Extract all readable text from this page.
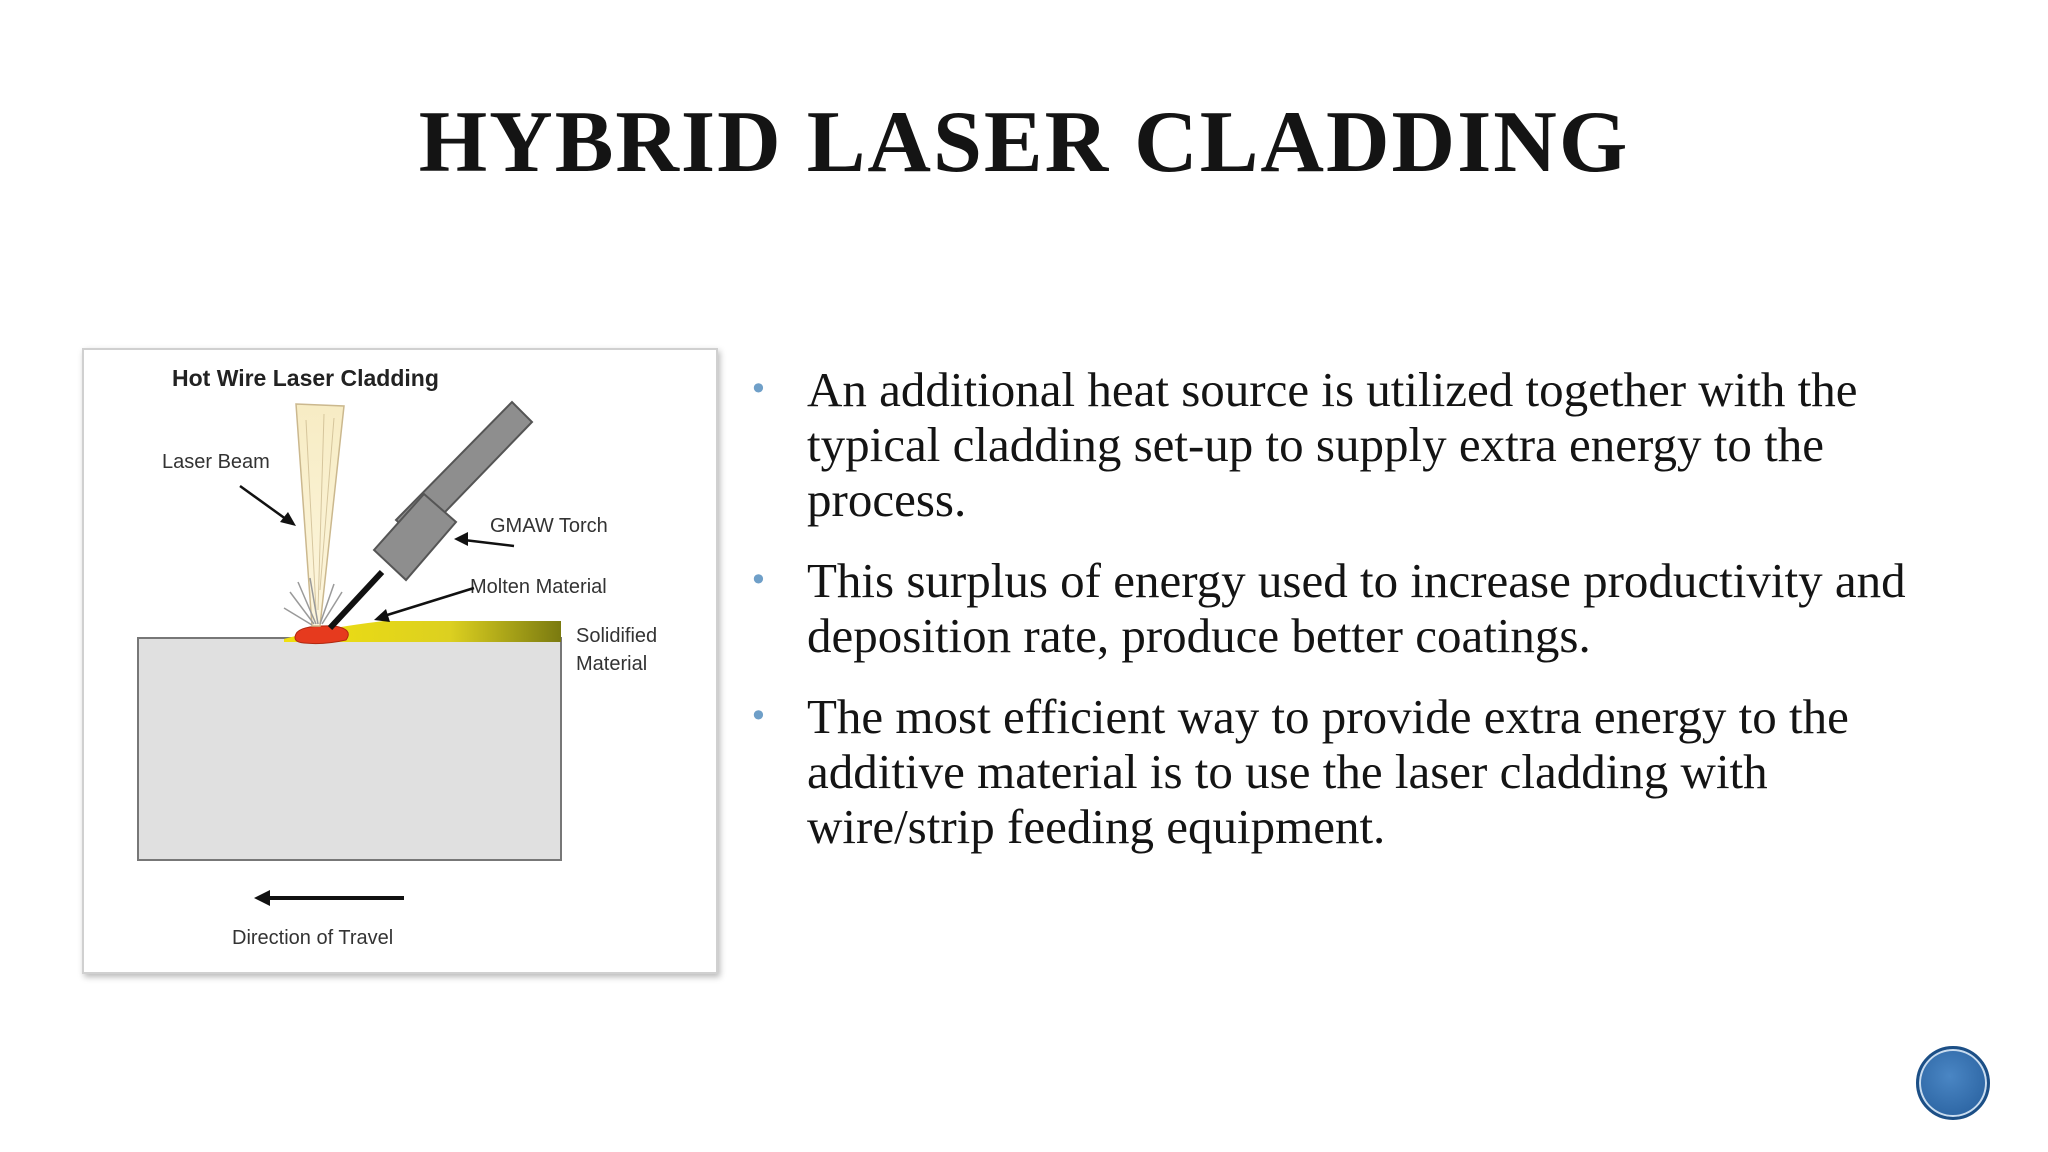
HYBRID LASER CLADDING
Hot Wire Laser Cladding
Laser Beam
GMAW Torch
Molten Material
Solidified
Material
Direction of Travel
• An additional heat source is utilized together with the typical cladding set-up to supply extra energy to the process.
• This surplus of energy used to increase productivity and deposition rate, produce better coatings.
• The most efficient way to provide extra energy to the additive material is to use the laser cladding with wire/strip feeding equipment.
